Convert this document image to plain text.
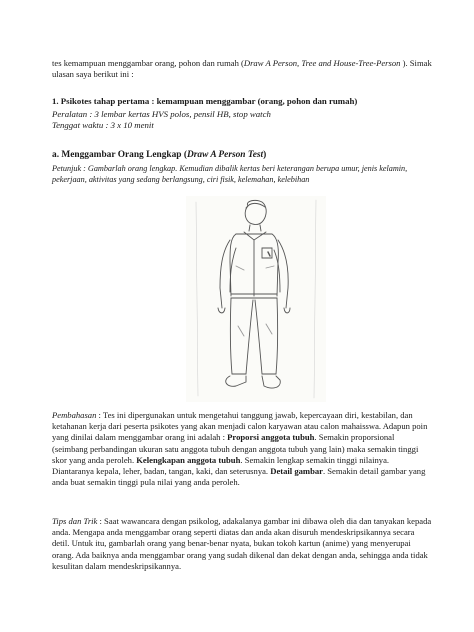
tes kemampuan menggambar orang, pohon dan rumah (Draw A Person, Tree and House-Tree-Person ). Simak ulasan saya berikut ini :

1. Psikotes tahap pertama : kemampuan menggambar (orang, pohon dan rumah)

Peralatan : 3 lembar kertas HVS polos, pensil HB, stop watch

Tenggat waktu : 3 x 10 menit

a. Menggambar Orang Lengkap (Draw A Person Test)

Petunjuk : Gambarlah orang lengkap. Kemudian dibalik kertas beri keterangan berupa umur, jenis kelamin, pekerjaan, aktivitas yang sedang berlangsung, ciri fisik, kelemahan, kelebihan

Pembahasan : Tes ini dipergunakan untuk mengetahui tanggung jawab, kepercayaan diri, kestabilan, dan ketahanan kerja dari peserta psikotes yang akan menjadi calon karyawan atau calon mahaisswa. Adapun poin yang dinilai dalam menggambar orang ini adalah : Proporsi anggota tubuh. Semakin proporsional (seimbang perbandingan ukuran satu anggota tubuh dengan anggota tubuh yang lain) maka semakin tinggi skor yang anda peroleh. Kelengkapan anggota tubuh. Semakin lengkap semakin tinggi nilainya. Diantaranya kepala, leher, badan, tangan, kaki, dan seterusnya. Detail gambar. Semakin detail gambar yang anda buat semakin tinggi pula nilai yang anda peroleh.

Tips dan Trik : Saat wawancara dengan psikolog, adakalanya gambar ini dibawa oleh dia dan tanyakan kepada anda. Mengapa anda menggambar orang seperti diatas dan anda akan disuruh mendeskripsikannya secara detil. Untuk itu, gambarlah orang yang benar-benar nyata, bukan tokoh kartun (anime) yang menyerupai orang. Ada baiknya anda menggambar orang yang sudah dikenal dan dekat dengan anda, sehingga anda tidak kesulitan dalam mendeskripsikannya.
